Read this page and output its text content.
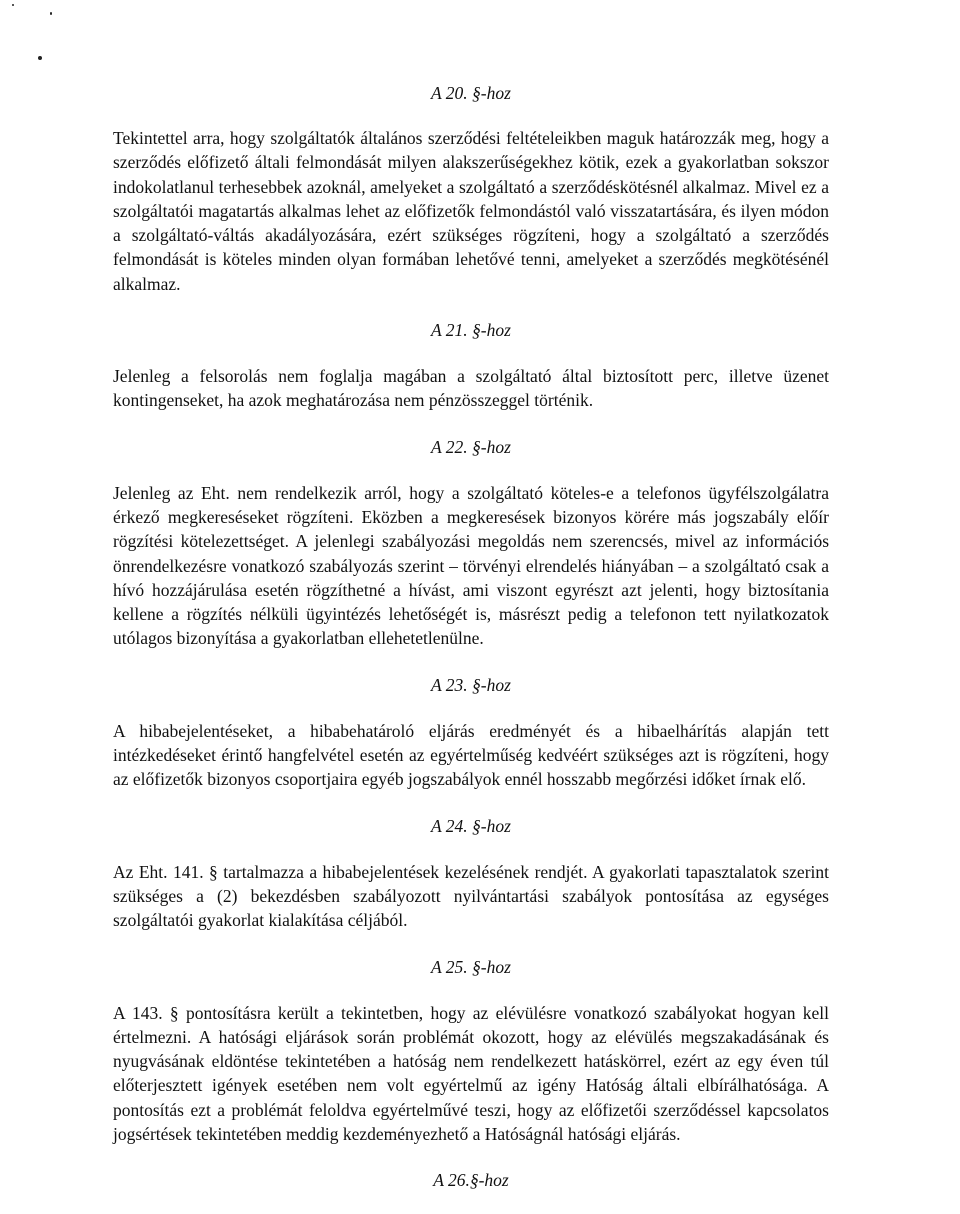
A 20. §-hoz

Tekintettel arra, hogy szolgáltatók általános szerződési feltételeikben maguk határozzák meg, hogy a szerződés előfizető általi felmondását milyen alakszerűségekhez kötik, ezek a gyakorlatban sokszor indokolatlanul terhesebbek azoknál, amelyeket a szolgáltató a szerződéskötésnél alkalmaz. Mivel ez a szolgáltatói magatartás alkalmas lehet az előfizetők felmondástól való visszatartására, és ilyen módon a szolgáltató-váltás akadályozására, ezért szükséges rögzíteni, hogy a szolgáltató a szerződés felmondását is köteles minden olyan formában lehetővé tenni, amelyeket a szerződés megkötésénél alkalmaz.

A 21. §-hoz

Jelenleg a felsorolás nem foglalja magában a szolgáltató által biztosított perc, illetve üzenet kontingenseket, ha azok meghatározása nem pénzösszeggel történik.

A 22. §-hoz

Jelenleg az Eht. nem rendelkezik arról, hogy a szolgáltató köteles-e a telefonos ügyfélszolgálatra érkező megkereséseket rögzíteni. Eközben a megkeresések bizonyos körére más jogszabály előír rögzítési kötelezettséget. A jelenlegi szabályozási megoldás nem szerencsés, mivel az információs önrendelkezésre vonatkozó szabályozás szerint – törvényi elrendelés hiányában – a szolgáltató csak a hívó hozzájárulása esetén rögzíthetné a hívást, ami viszont egyrészt azt jelenti, hogy biztosítania kellene a rögzítés nélküli ügyintézés lehetőségét is, másrészt pedig a telefonon tett nyilatkozatok utólagos bizonyítása a gyakorlatban ellehetetlenülne.

A 23. §-hoz

A hibabejelentéseket, a hibabehatároló eljárás eredményét és a hibaelhárítás alapján tett intézkedéseket érintő hangfelvétel esetén az egyértelműség kedvéért szükséges azt is rögzíteni, hogy az előfizetők bizonyos csoportjaira egyéb jogszabályok ennél hosszabb megőrzési időket írnak elő.

A 24. §-hoz

Az Eht. 141. § tartalmazza a hibabejelentések kezelésének rendjét. A gyakorlati tapasztalatok szerint szükséges a (2) bekezdésben szabályozott nyilvántartási szabályok pontosítása az egységes szolgáltatói gyakorlat kialakítása céljából.

A 25. §-hoz

A 143. § pontosításra került a tekintetben, hogy az elévülésre vonatkozó szabályokat hogyan kell értelmezni. A hatósági eljárások során problémát okozott, hogy az elévülés megszakadásának és nyugvásának eldöntése tekintetében a hatóság nem rendelkezett hatáskörrel, ezért az egy éven túl előterjesztett igények esetében nem volt egyértelmű az igény Hatóság általi elbírálhatósága. A pontosítás ezt a problémát feloldva egyértelművé teszi, hogy az előfizetői szerződéssel kapcsolatos jogsértések tekintetében meddig kezdeményezhető a Hatóságnál hatósági eljárás.

A 26.§-hoz
